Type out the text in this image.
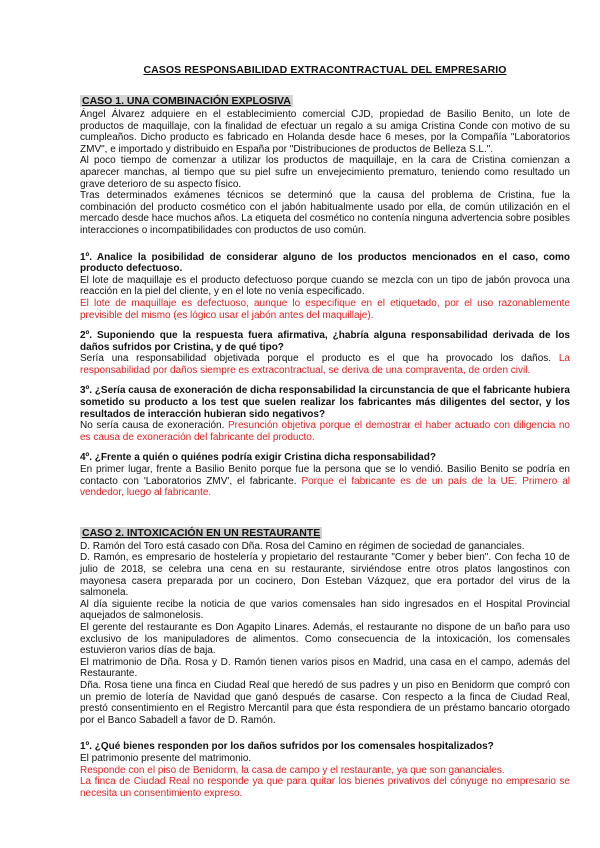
CASOS RESPONSABILIDAD EXTRACONTRACTUAL DEL EMPRESARIO
CASO 1. UNA COMBINACIÓN EXPLOSIVA

Ángel Álvarez adquiere en el establecimiento comercial CJD, propiedad de Basilio Benito, un lote de productos de maquillaje, con la finalidad de efectuar un regalo a su amiga Cristina Conde con motivo de su cumpleaños. Dicho producto es fabricado en Holanda desde hace 6 meses, por la Compañía "Laboratorios ZMV", e importado y distribuido en España por "Distribuciones de productos de Belleza S.L.".

Al poco tiempo de comenzar a utilizar los productos de maquillaje, en la cara de Cristina comienzan a aparecer manchas, al tiempo que su piel sufre un envejecimiento prematuro, teniendo como resultado un grave deterioro de su aspecto físico.

Tras determinados exámenes técnicos se determinó que la causa del problema de Cristina, fue la combinación del producto cosmético con el jabón habitualmente usado por ella, de común utilización en el mercado desde hace muchos años. La etiqueta del cosmético no contenía ninguna advertencia sobre posibles interacciones o incompatibilidades con productos de uso común.

1º. Analice la posibilidad de considerar alguno de los productos mencionados en el caso, como producto defectuoso.

El lote de maquillaje es el producto defectuoso porque cuando se mezcla con un tipo de jabón provoca una reacción en la piel del cliente, y en el lote no venía especificado.

El lote de maquillaje es defectuoso, aunque lo especifique en el etiquetado, por el uso razonablemente previsible del mismo (es lógico usar el jabón antes del maquillaje).

2º. Suponiendo que la respuesta fuera afirmativa, ¿habría alguna responsabilidad derivada de los daños sufridos por Cristina, y de qué tipo?

Sería una responsabilidad objetivada porque el producto es el que ha provocado los daños. La responsabilidad por daños siempre es extracontractual, se deriva de una compraventa, de orden civil.

3º. ¿Sería causa de exoneración de dicha responsabilidad la circunstancia de que el fabricante hubiera sometido su producto a los test que suelen realizar los fabricantes más diligentes del sector, y los resultados de interacción hubieran sido negativos?

No sería causa de exoneración. Presunción objetiva porque el demostrar el haber actuado con diligencia no es causa de exoneración del fabricante del producto.

4º. ¿Frente a quién o quiénes podría exigir Cristina dicha responsabilidad?

En primer lugar, frente a Basilio Benito porque fue la persona que se lo vendió. Basilio Benito se podría en contacto con 'Laboratorios ZMV', el fabricante. Porque el fabricante es de un país de la UE. Primero al vendedor, luego al fabricante.

CASO 2. INTOXICACIÓN EN UN RESTAURANTE

D. Ramón del Toro está casado con Dña. Rosa del Camino en régimen de sociedad de gananciales.

D. Ramón, es empresario de hostelería y propietario del restaurante "Comer y beber bien". Con fecha 10 de julio de 2018, se celebra una cena en su restaurante, sirviéndose entre otros platos langostinos con mayonesa casera preparada por un cocinero, Don Esteban Vázquez, que era portador del virus de la salmonela.

Al día siguiente recibe la noticia de que varios comensales han sido ingresados en el Hospital Provincial aquejados de salmonelosis.

El gerente del restaurante es Don Agapito Linares. Además, el restaurante no dispone de un baño para uso exclusivo de los manipuladores de alimentos. Como consecuencia de la intoxicación, los comensales estuvieron varios días de baja.

El matrimonio de Dña. Rosa y D. Ramón tienen varios pisos en Madrid, una casa en el campo, además del Restaurante.

Dña. Rosa tiene una finca en Ciudad Real que heredó de sus padres y un piso en Benidorm que compró con un premio de lotería de Navidad que ganó después de casarse. Con respecto a la finca de Ciudad Real, prestó consentimiento en el Registro Mercantil para que ésta respondiera de un préstamo bancario otorgado por el Banco Sabadell a favor de D. Ramón.

1º. ¿Qué bienes responden por los daños sufridos por los comensales hospitalizados?

El patrimonio presente del matrimonio.

Responde con el piso de Benidorm, la casa de campo y el restaurante, ya que son gananciales.

La finca de Ciudad Real no responde ya que para quitar los bienes privativos del cónyuge no empresario se necesita un consentimiento expreso.
